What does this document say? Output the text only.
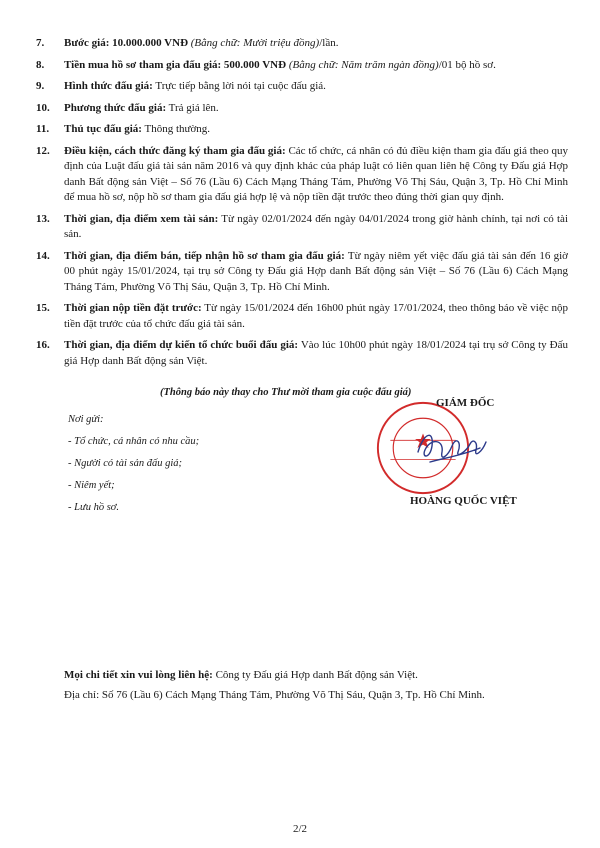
7.	Bước giá: 10.000.000 VNĐ (Bằng chữ: Mười triệu đồng)/lần.
8.	Tiền mua hồ sơ tham gia đấu giá: 500.000 VNĐ (Bằng chữ: Năm trăm ngàn đồng)/01 bộ hồ sơ.
9.	Hình thức đấu giá: Trực tiếp bằng lời nói tại cuộc đấu giá.
10.	Phương thức đấu giá: Trả giá lên.
11.	Thủ tục đấu giá: Thông thường.
12.	Điều kiện, cách thức đăng ký tham gia đấu giá: Các tổ chức, cá nhân có đủ điều kiện tham gia đấu giá theo quy định của Luật đấu giá tài sản năm 2016 và quy định khác của pháp luật có liên quan liên hệ Công ty Đấu giá Hợp danh Bất động sản Việt – Số 76 (Lầu 6) Cách Mạng Tháng Tám, Phường Võ Thị Sáu, Quận 3, Tp. Hồ Chí Minh để mua hồ sơ, nộp hồ sơ tham gia đấu giá hợp lệ và nộp tiền đặt trước theo đúng thời gian quy định.
13.	Thời gian, địa điểm xem tài sản: Từ ngày 02/01/2024 đến ngày 04/01/2024 trong giờ hành chính, tại nơi có tài sản.
14.	Thời gian, địa điểm bán, tiếp nhận hồ sơ tham gia đấu giá: Từ ngày niêm yết việc đấu giá tài sản đến 16 giờ 00 phút ngày 15/01/2024, tại trụ sở Công ty Đấu giá Hợp danh Bất động sản Việt – Số 76 (Lầu 6) Cách Mạng Tháng Tám, Phường Võ Thị Sáu, Quận 3, Tp. Hồ Chí Minh.
15.	Thời gian nộp tiền đặt trước: Từ ngày 15/01/2024 đến 16h00 phút ngày 17/01/2024, theo thông báo về việc nộp tiền đặt trước của tổ chức đấu giá tài sản.
16.	Thời gian, địa điểm dự kiến tổ chức buổi đấu giá: Vào lúc 10h00 phút ngày 18/01/2024 tại trụ sở Công ty Đấu giá Hợp danh Bất động sản Việt.
Mọi chi tiết xin vui lòng liên hệ: Công ty Đấu giá Hợp danh Bất động sản Việt.
Địa chỉ: Số 76 (Lầu 6) Cách Mạng Tháng Tám, Phường Võ Thị Sáu, Quận 3, Tp. Hồ Chí Minh.
(Thông báo này thay cho Thư mời tham gia cuộc đấu giá)
Nơi gửi:
- Tổ chức, cá nhân có nhu cầu;
- Người có tài sản đấu giá;
- Niêm yết;
- Lưu hồ sơ.
GIÁM ĐỐC
HOÀNG QUỐC VIỆT
2/2
